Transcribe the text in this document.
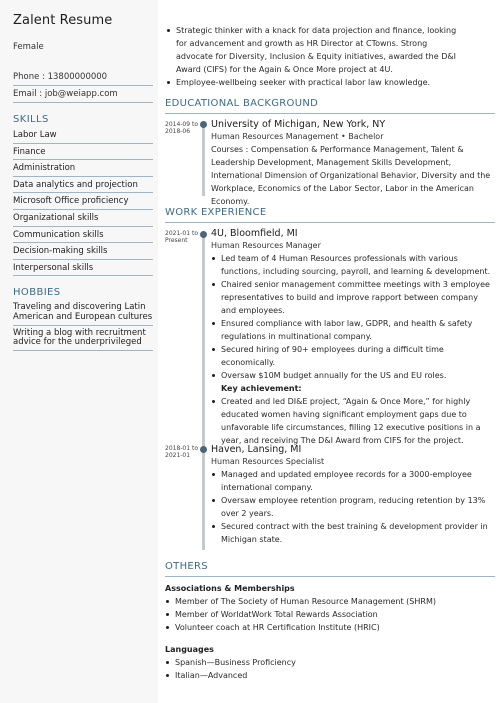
Zalent Resume
Female
Phone : 13800000000
Email : job@weiapp.com
SKILLS
Labor Law
Finance
Administration
Data analytics and projection
Microsoft Office proficiency
Organizational skills
Communication skills
Decision-making skills
Interpersonal skills
HOBBIES
Traveling and discovering Latin American and European cultures
Writing a blog with recruitment advice for the underprivileged
Strategic thinker with a knack for data projection and finance, looking for advancement and growth as HR Director at CTowns. Strong advocate for Diversity, Inclusion & Equity initiatives, awarded the D&I Award (CIFS) for the Again & Once More project at 4U.
Employee-wellbeing seeker with practical labor law knowledge.
EDUCATIONAL BACKGROUND
2014-09 to 2018-06
University of Michigan, New York, NY
Human Resources Management • Bachelor
Courses : Compensation & Performance Management, Talent & Leadership Development, Management Skills Development, International Dimension of Organizational Behavior, Diversity and the Workplace, Economics of the Labor Sector, Labor in the American Economy.
WORK EXPERIENCE
2021-01 to Present
4U, Bloomfield, MI
Human Resources Manager
Led team of 4 Human Resources professionals with various functions, including sourcing, payroll, and learning & development.
Chaired senior management committee meetings with 3 employee representatives to build and improve rapport between company and employees.
Ensured compliance with labor law, GDPR, and health & safety regulations in multinational company.
Secured hiring of 90+ employees during a difficult time economically.
Oversaw $10M budget annually for the US and EU roles.
Key achievement:
Created and led DI&E project, “Again & Once More,” for highly educated women having significant employment gaps due to unfavorable life circumstances, filling 12 executive positions in a year, and receiving The D&I Award from CIFS for the project.
2018-01 to 2021-01
Haven, Lansing, MI
Human Resources Specialist
Managed and updated employee records for a 3000-employee international company.
Oversaw employee retention program, reducing retention by 13% over 2 years.
Secured contract with the best training & development provider in Michigan state.
OTHERS
Associations & Memberships
Member of The Society of Human Resource Management (SHRM)
Member of WorldatWork Total Rewards Association
Volunteer coach at HR Certification Institute (HRIC)
Languages
Spanish—Business Proficiency
Italian—Advanced
